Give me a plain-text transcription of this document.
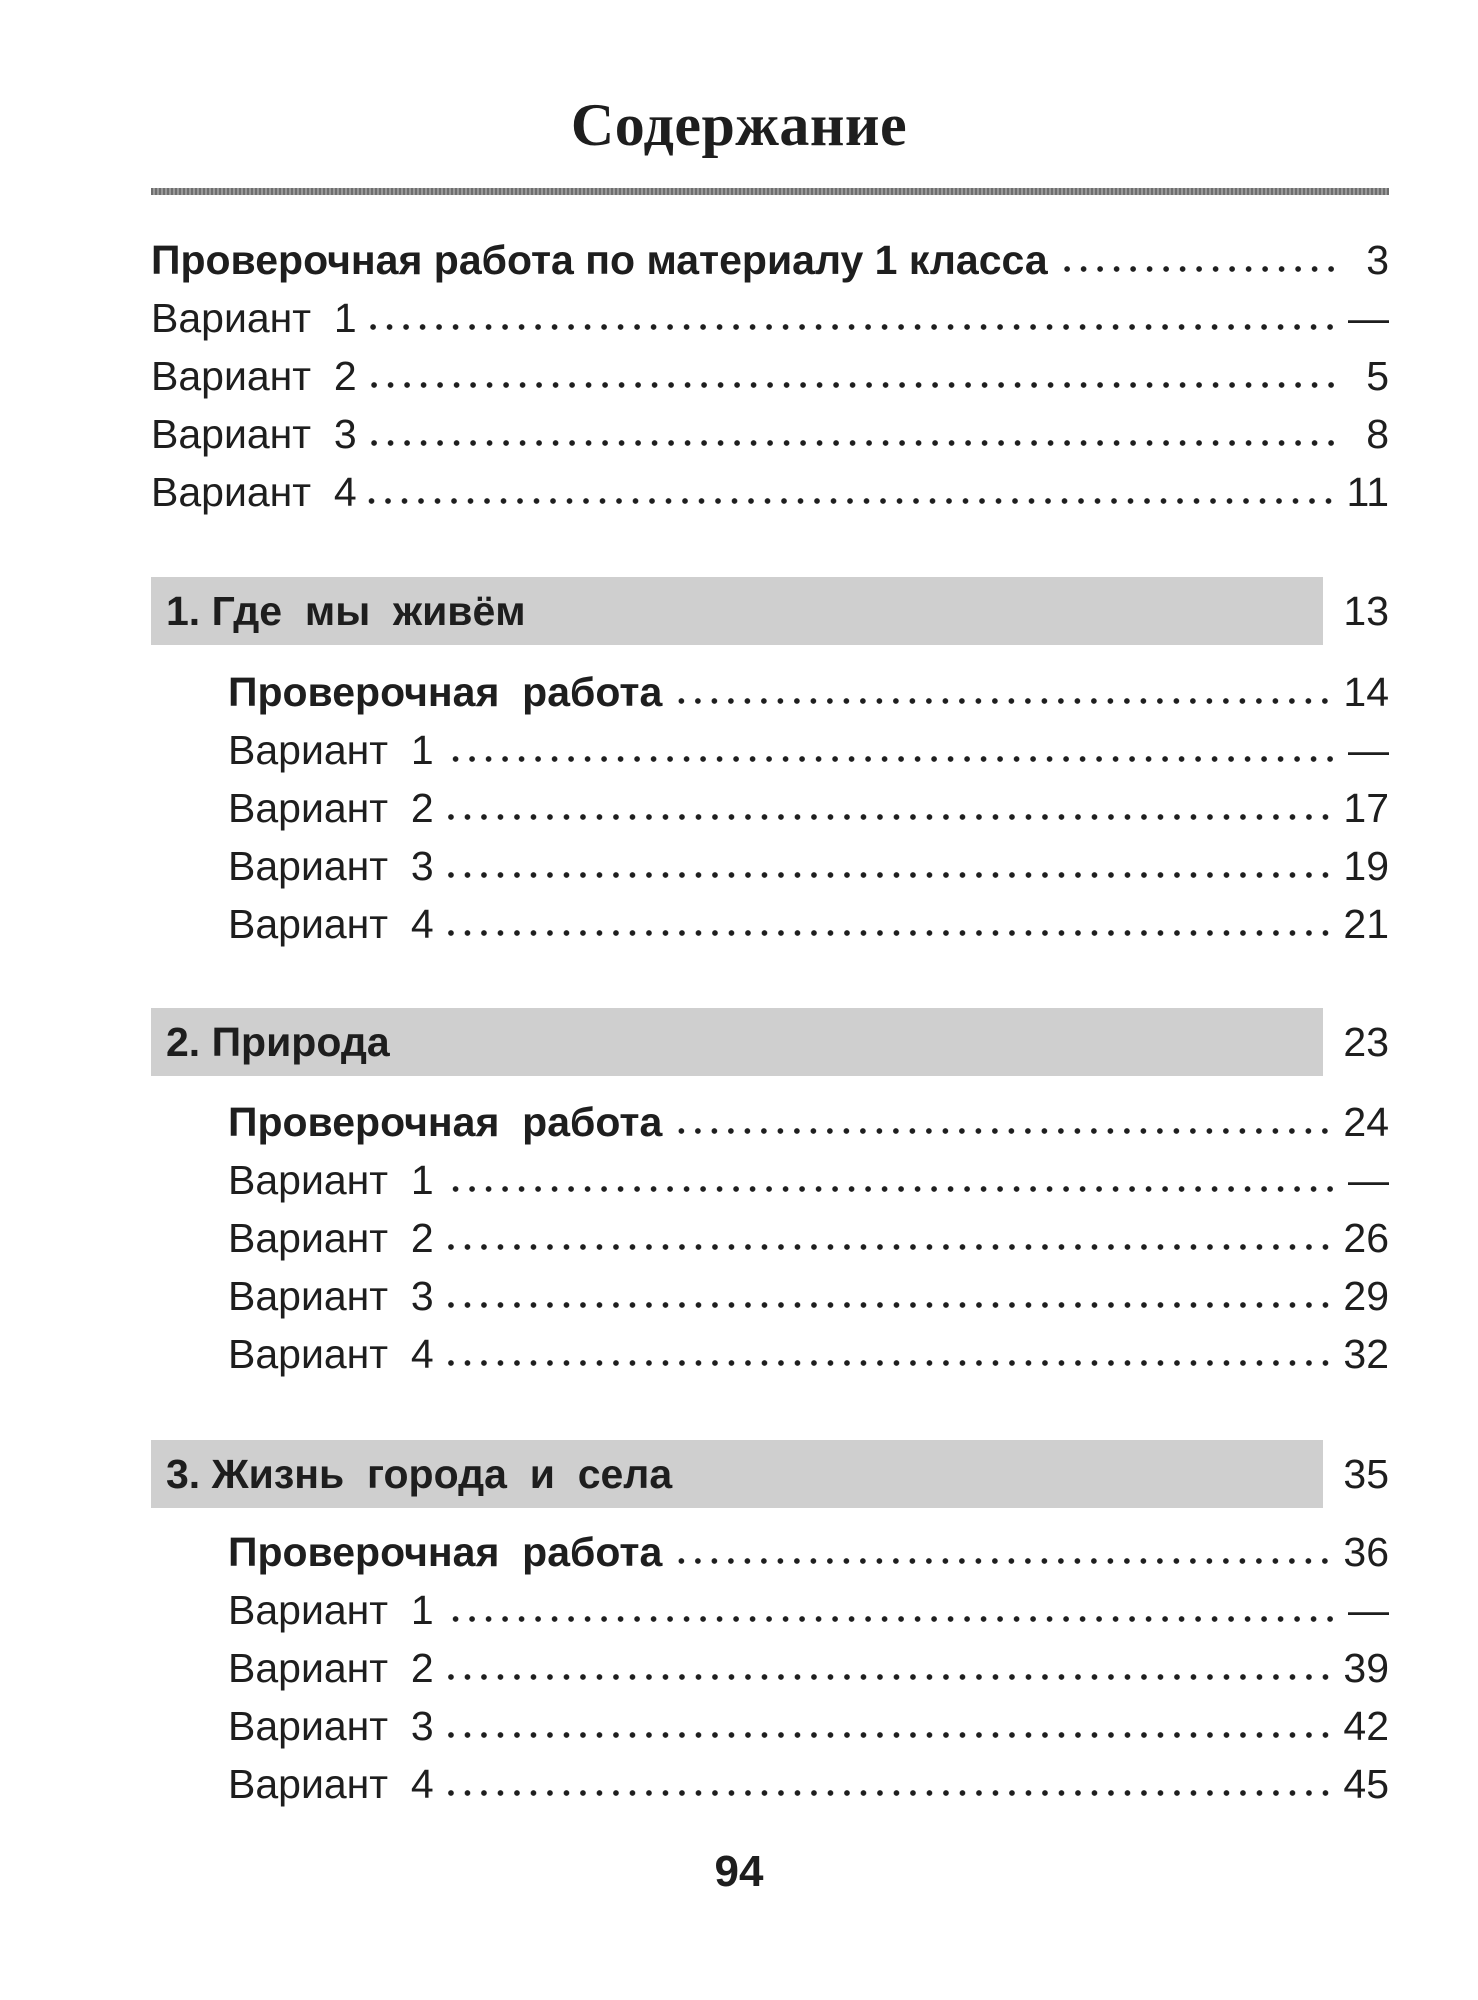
Содержание
Проверочная работа по материалу 1 класса	3
Вариант  1	—
Вариант  2	5
Вариант  3	8
Вариант  4	11
1. Где  мы  живём	13
Проверочная  работа	14
Вариант  1	—
Вариант  2	17
Вариант  3	19
Вариант  4	21
2. Природа	23
Проверочная  работа	24
Вариант  1	—
Вариант  2	26
Вариант  3	29
Вариант  4	32
3. Жизнь  города  и  села	35
Проверочная  работа	36
Вариант  1	—
Вариант  2	39
Вариант  3	42
Вариант  4	45
94
